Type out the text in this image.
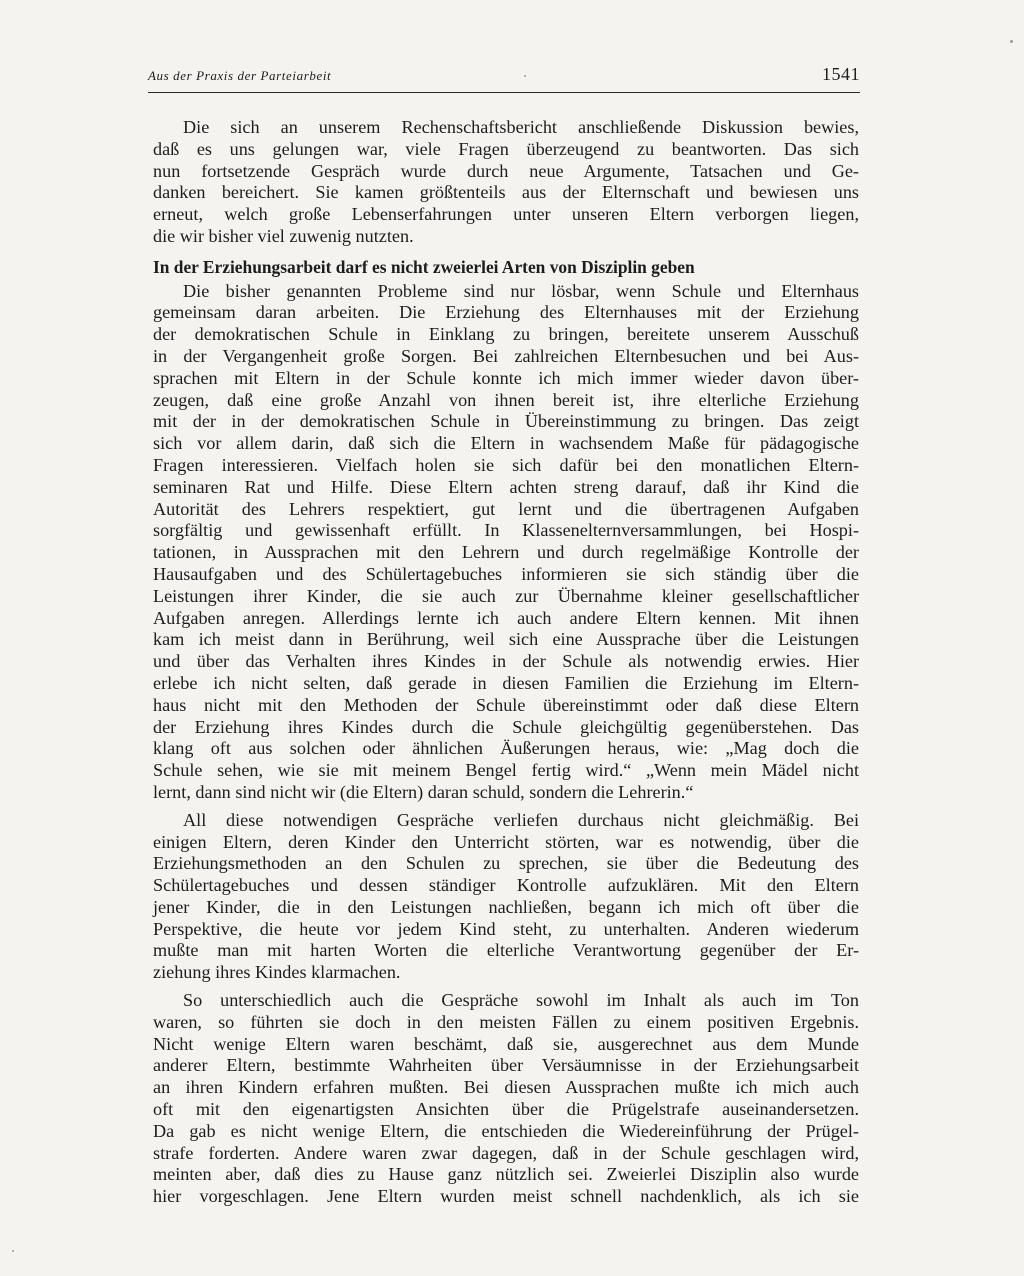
Aus der Praxis der Parteiarbeit	1541
Die sich an unserem Rechenschaftsbericht anschließende Diskussion bewies,
daß es uns gelungen war, viele Fragen überzeugend zu beantworten. Das sich
nun fortsetzende Gespräch wurde durch neue Argumente, Tatsachen und Ge-
danken bereichert. Sie kamen größtenteils aus der Elternschaft und bewiesen uns
erneut, welch große Lebenserfahrungen unter unseren Eltern verborgen liegen,
die wir bisher viel zuwenig nutzten.
In der Erziehungsarbeit darf es nicht zweierlei Arten von Disziplin geben
Die bisher genannten Probleme sind nur lösbar, wenn Schule und Elternhaus
gemeinsam daran arbeiten. Die Erziehung des Elternhauses mit der Erziehung
der demokratischen Schule in Einklang zu bringen, bereitete unserem Ausschuß
in der Vergangenheit große Sorgen. Bei zahlreichen Elternbesuchen und bei Aus-
sprachen mit Eltern in der Schule konnte ich mich immer wieder davon über-
zeugen, daß eine große Anzahl von ihnen bereit ist, ihre elterliche Erziehung
mit der in der demokratischen Schule in Übereinstimmung zu bringen. Das zeigt
sich vor allem darin, daß sich die Eltern in wachsendem Maße für pädagogische
Fragen interessieren. Vielfach holen sie sich dafür bei den monatlichen Eltern-
seminaren Rat und Hilfe. Diese Eltern achten streng darauf, daß ihr Kind die
Autorität des Lehrers respektiert, gut lernt und die übertragenen Aufgaben
sorgfältig und gewissenhaft erfüllt. In Klassenelternversammlungen, bei Hospi-
tationen, in Aussprachen mit den Lehrern und durch regelmäßige Kontrolle der
Hausaufgaben und des Schülertagebuches informieren sie sich ständig über die
Leistungen ihrer Kinder, die sie auch zur Übernahme kleiner gesellschaftlicher
Aufgaben anregen. Allerdings lernte ich auch andere Eltern kennen. Mit ihnen
kam ich meist dann in Berührung, weil sich eine Aussprache über die Leistungen
und über das Verhalten ihres Kindes in der Schule als notwendig erwies. Hier
erlebe ich nicht selten, daß gerade in diesen Familien die Erziehung im Eltern-
haus nicht mit den Methoden der Schule übereinstimmt oder daß diese Eltern
der Erziehung ihres Kindes durch die Schule gleichgültig gegenüberstehen. Das
klang oft aus solchen oder ähnlichen Äußerungen heraus, wie: „Mag doch die
Schule sehen, wie sie mit meinem Bengel fertig wird.“ „Wenn mein Mädel nicht
lernt, dann sind nicht wir (die Eltern) daran schuld, sondern die Lehrerin.“
All diese notwendigen Gespräche verliefen durchaus nicht gleichmäßig. Bei
einigen Eltern, deren Kinder den Unterricht störten, war es notwendig, über die
Erziehungsmethoden an den Schulen zu sprechen, sie über die Bedeutung des
Schülertagebuches und dessen ständiger Kontrolle aufzuklären. Mit den Eltern
jener Kinder, die in den Leistungen nachließen, begann ich mich oft über die
Perspektive, die heute vor jedem Kind steht, zu unterhalten. Anderen wiederum
mußte man mit harten Worten die elterliche Verantwortung gegenüber der Er-
ziehung ihres Kindes klarmachen.
So unterschiedlich auch die Gespräche sowohl im Inhalt als auch im Ton
waren, so führten sie doch in den meisten Fällen zu einem positiven Ergebnis.
Nicht wenige Eltern waren beschämt, daß sie, ausgerechnet aus dem Munde
anderer Eltern, bestimmte Wahrheiten über Versäumnisse in der Erziehungsarbeit
an ihren Kindern erfahren mußten. Bei diesen Aussprachen mußte ich mich auch
oft mit den eigenartigsten Ansichten über die Prügelstrafe auseinandersetzen.
Da gab es nicht wenige Eltern, die entschieden die Wiedereinführung der Prügel-
strafe forderten. Andere waren zwar dagegen, daß in der Schule geschlagen wird,
meinten aber, daß dies zu Hause ganz nützlich sei. Zweierlei Disziplin also wurde
hier vorgeschlagen. Jene Eltern wurden meist schnell nachdenklich, als ich sie
